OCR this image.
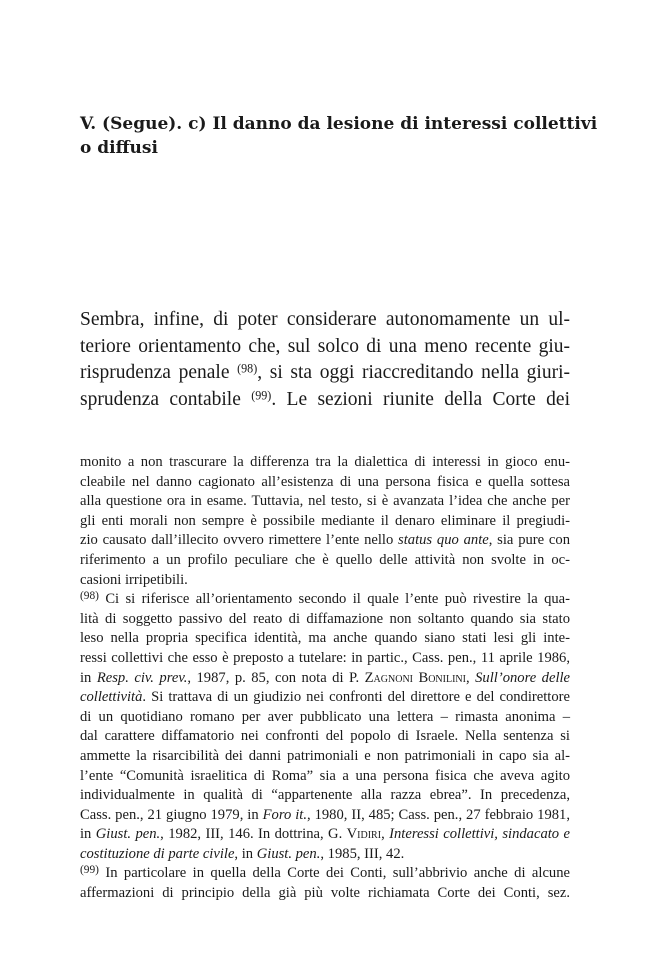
V. (Segue). c) Il danno da lesione di interessi collettivi
o diffusi
Sembra, infine, di poter considerare autonomamente un ul-
teriore orientamento che, sul solco di una meno recente giu-
risprudenza penale $^{(98)}$, si sta oggi riaccreditando nella giuri-
sprudenza contabile $^{(99)}$. Le sezioni riunite della Corte dei
monito a non trascurare la differenza tra la dialettica di interessi in gioco enu-
cleabile nel danno cagionato all’esistenza di una persona fisica e quella sottesa
alla questione ora in esame. Tuttavia, nel testo, si è avanzata l’idea che anche per
gli enti morali non sempre è possibile mediante il denaro eliminare il pregiudi-
zio causato dall’illecito ovvero rimettere l’ente nello status quo ante, sia pure con
riferimento a un profilo peculiare che è quello delle attività non svolte in oc-
casioni irripetibili.
$^{(98)}$ Ci si riferisce all’orientamento secondo il quale l’ente può rivestire la qua-
lità di soggetto passivo del reato di diffamazione non soltanto quando sia stato
leso nella propria specifica identità, ma anche quando siano stati lesi gli inte-
ressi collettivi che esso è preposto a tutelare: in partic., Cass. pen., 11 aprile 1986,
in Resp. civ. prev., 1987, p. 85, con nota di P. Zagnoni Bonilini, Sull’onore delle
collettività. Si trattava di un giudizio nei confronti del direttore e del condirettore
di un quotidiano romano per aver pubblicato una lettera – rimasta anonima –
dal carattere diffamatorio nei confronti del popolo di Israele. Nella sentenza si
ammette la risarcibilità dei danni patrimoniali e non patrimoniali in capo sia al-
l’ente “Comunità israelitica di Roma” sia a una persona fisica che aveva agito
individualmente in qualità di “appartenente alla razza ebrea”. In precedenza,
Cass. pen., 21 giugno 1979, in Foro it., 1980, II, 485; Cass. pen., 27 febbraio 1981,
in Giust. pen., 1982, III, 146. In dottrina, G. Vidiri, Interessi collettivi, sindacato e
costituzione di parte civile, in Giust. pen., 1985, III, 42.
$^{(99)}$ In particolare in quella della Corte dei Conti, sull’abbrivio anche di alcune
affermazioni di principio della già più volte richiamata Corte dei Conti, sez.
